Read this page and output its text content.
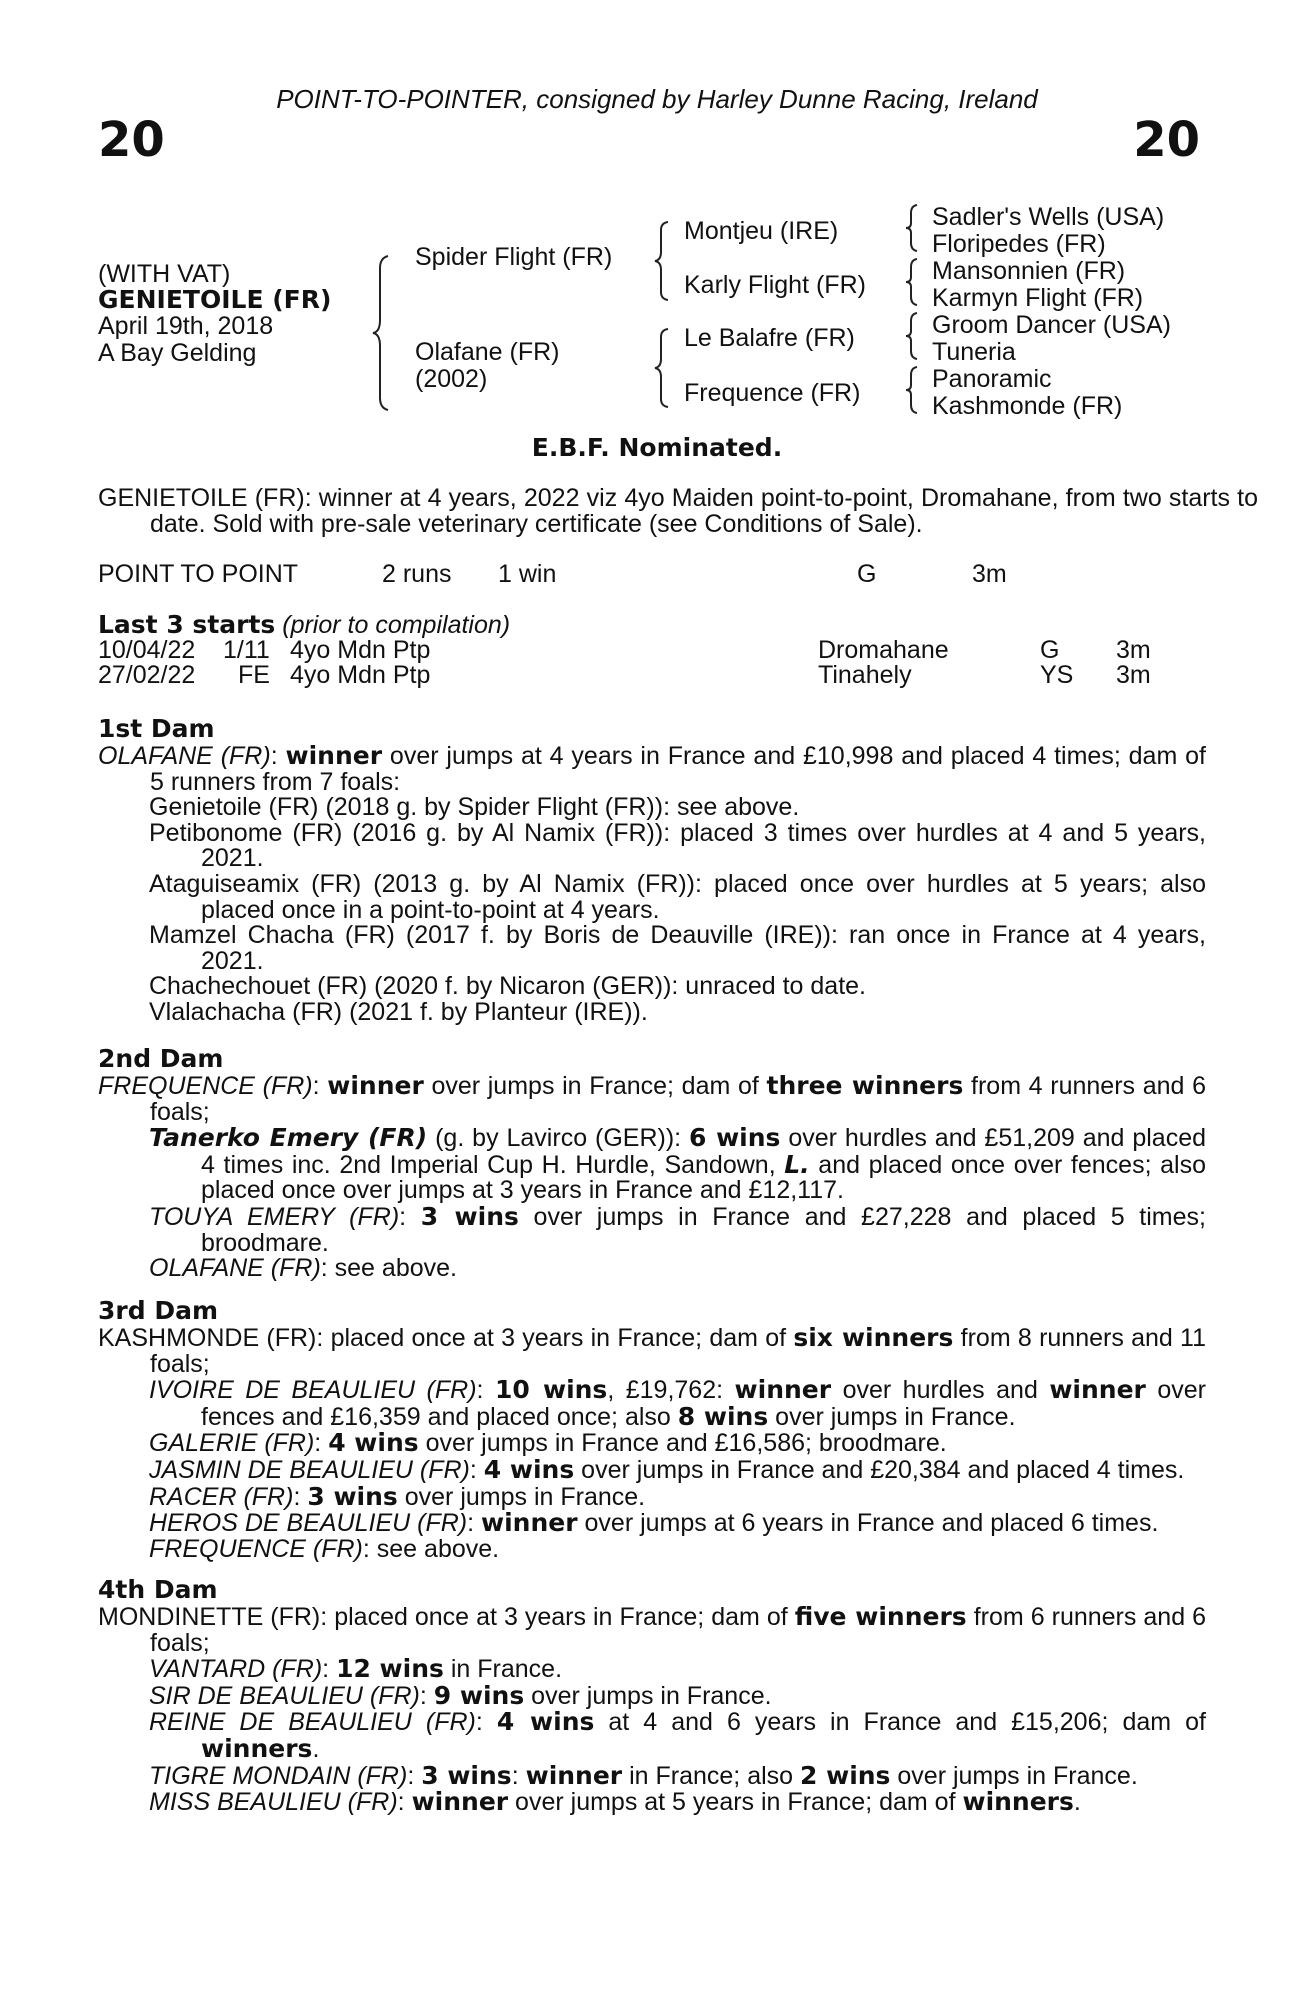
POINT-TO-POINTER, consigned by Harley Dunne Racing, Ireland
20	20
(WITH VAT)
GENIETOILE (FR)
April 19th, 2018
A Bay Gelding
Spider Flight (FR)
Olafane (FR)
(2002)
Montjeu (IRE)
Karly Flight (FR)
Le Balafre (FR)
Frequence (FR)
Sadler's Wells (USA)
Floripedes (FR)
Mansonnien (FR)
Karmyn Flight (FR)
Groom Dancer (USA)
Tuneria
Panoramic
Kashmonde (FR)
E.B.F. Nominated.
GENIETOILE (FR): winner at 4 years, 2022 viz 4yo Maiden point-to-point, Dromahane, from two starts to date. Sold with pre-sale veterinary certificate (see Conditions of Sale).
POINT TO POINT	2 runs 1 win	G	3m
Last 3 starts (prior to compilation)
10/04/22 1/11 4yo Mdn Ptp	Dromahane	G 3m
27/02/22 FE 4yo Mdn Ptp	Tinahely	YS 3m
1st Dam
OLAFANE (FR): winner over jumps at 4 years in France and £10,998 and placed 4 times; dam of 5 runners from 7 foals:
Genietoile (FR) (2018 g. by Spider Flight (FR)): see above.
Petibonome (FR) (2016 g. by Al Namix (FR)): placed 3 times over hurdles at 4 and 5 years, 2021.
Ataguiseamix (FR) (2013 g. by Al Namix (FR)): placed once over hurdles at 5 years; also placed once in a point-to-point at 4 years.
Mamzel Chacha (FR) (2017 f. by Boris de Deauville (IRE)): ran once in France at 4 years, 2021.
Chachechouet (FR) (2020 f. by Nicaron (GER)): unraced to date.
Vlalachacha (FR) (2021 f. by Planteur (IRE)).
2nd Dam
FREQUENCE (FR): winner over jumps in France; dam of three winners from 4 runners and 6 foals;
Tanerko Emery (FR) (g. by Lavirco (GER)): 6 wins over hurdles and £51,209 and placed 4 times inc. 2nd Imperial Cup H. Hurdle, Sandown, L. and placed once over fences; also placed once over jumps at 3 years in France and £12,117.
TOUYA EMERY (FR): 3 wins over jumps in France and £27,228 and placed 5 times; broodmare.
OLAFANE (FR): see above.
3rd Dam
KASHMONDE (FR): placed once at 3 years in France; dam of six winners from 8 runners and 11 foals;
IVOIRE DE BEAULIEU (FR): 10 wins, £19,762: winner over hurdles and winner over fences and £16,359 and placed once; also 8 wins over jumps in France.
GALERIE (FR): 4 wins over jumps in France and £16,586; broodmare.
JASMIN DE BEAULIEU (FR): 4 wins over jumps in France and £20,384 and placed 4 times.
RACER (FR): 3 wins over jumps in France.
HEROS DE BEAULIEU (FR): winner over jumps at 6 years in France and placed 6 times.
FREQUENCE (FR): see above.
4th Dam
MONDINETTE (FR): placed once at 3 years in France; dam of five winners from 6 runners and 6 foals;
VANTARD (FR): 12 wins in France.
SIR DE BEAULIEU (FR): 9 wins over jumps in France.
REINE DE BEAULIEU (FR): 4 wins at 4 and 6 years in France and £15,206; dam of winners.
TIGRE MONDAIN (FR): 3 wins: winner in France; also 2 wins over jumps in France.
MISS BEAULIEU (FR): winner over jumps at 5 years in France; dam of winners.
